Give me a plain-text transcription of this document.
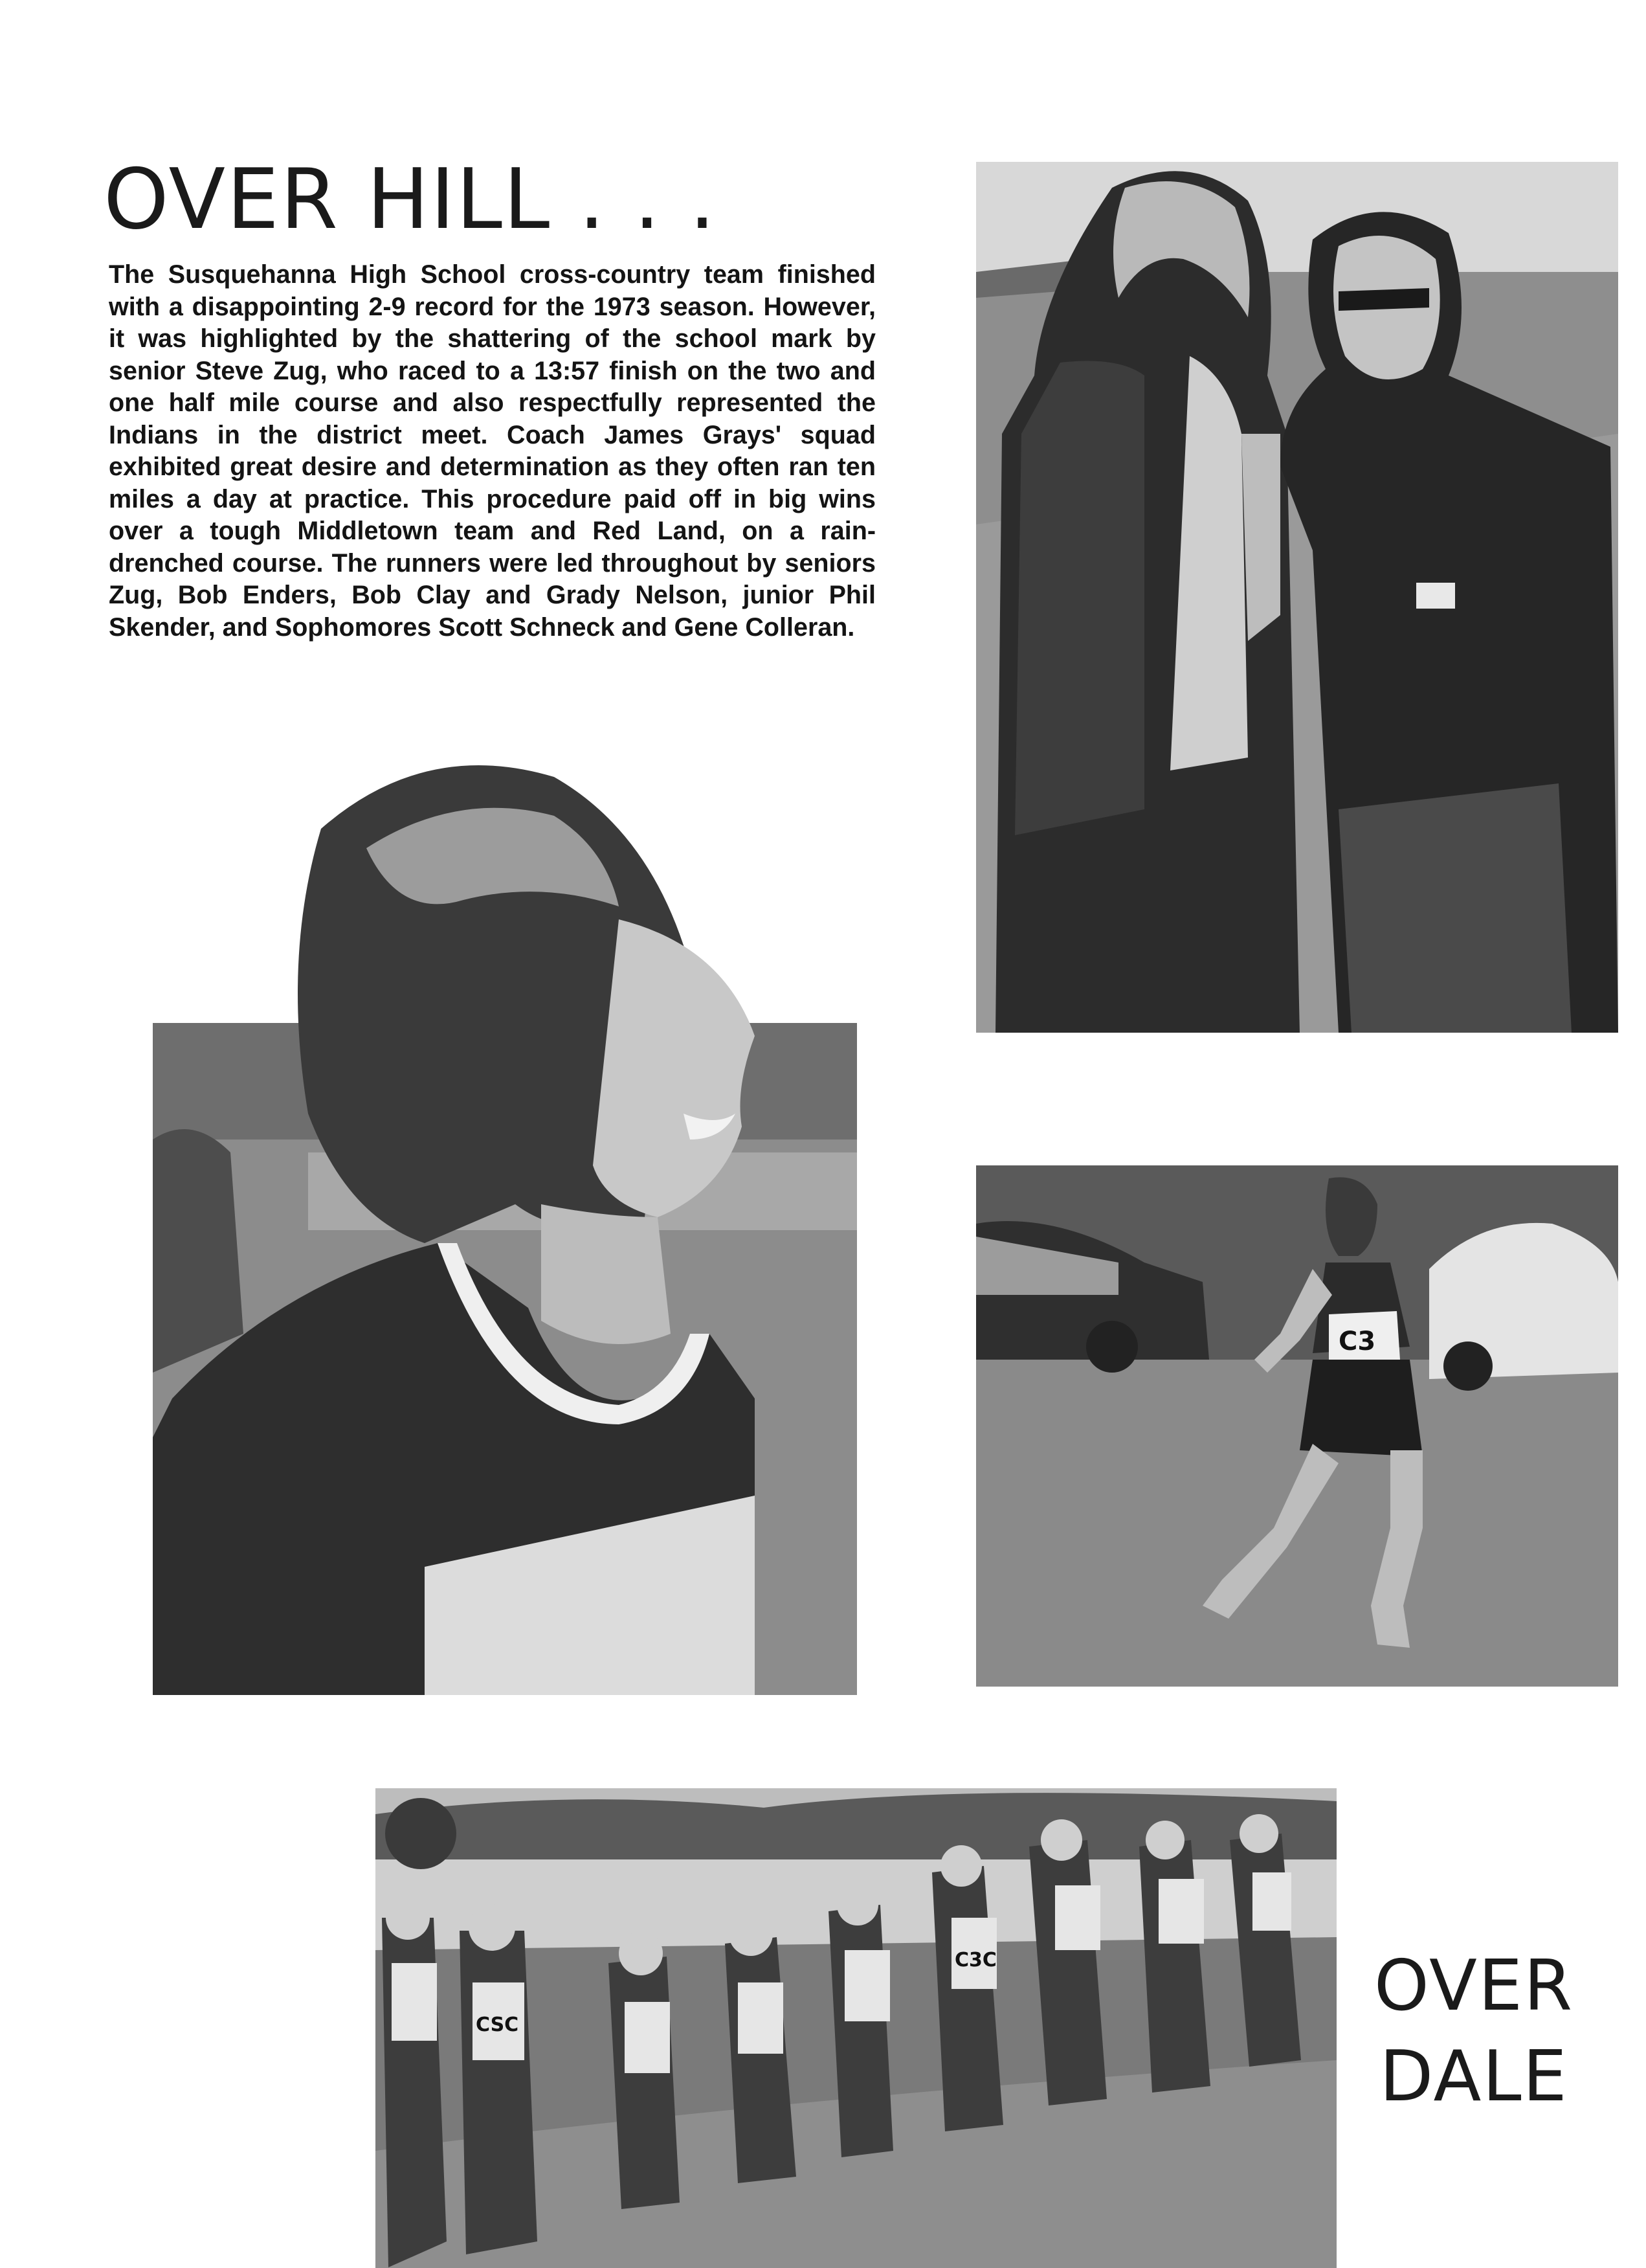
OVER HILL . . .

The Susquehanna High School cross-country team finished with a disappointing 2-9 record for the 1973 season. However, it was highlighted by the shattering of the school mark by senior Steve Zug, who raced to a 13:57 finish on the two and one half mile course and also respectfully represented the Indians in the district meet. Coach James Grays' squad exhibited great desire and determination as they often ran ten miles a day at practice. This procedure paid off in big wins over a tough Middletown team and Red Land, on a rain-drenched course. The runners were led throughout by seniors Zug, Bob Enders, Bob Clay and Grady Nelson, junior Phil Skender, and Sophomores Scott Schneck and Gene Colleran.

C3
CSC
C3C	OVER
DALE
